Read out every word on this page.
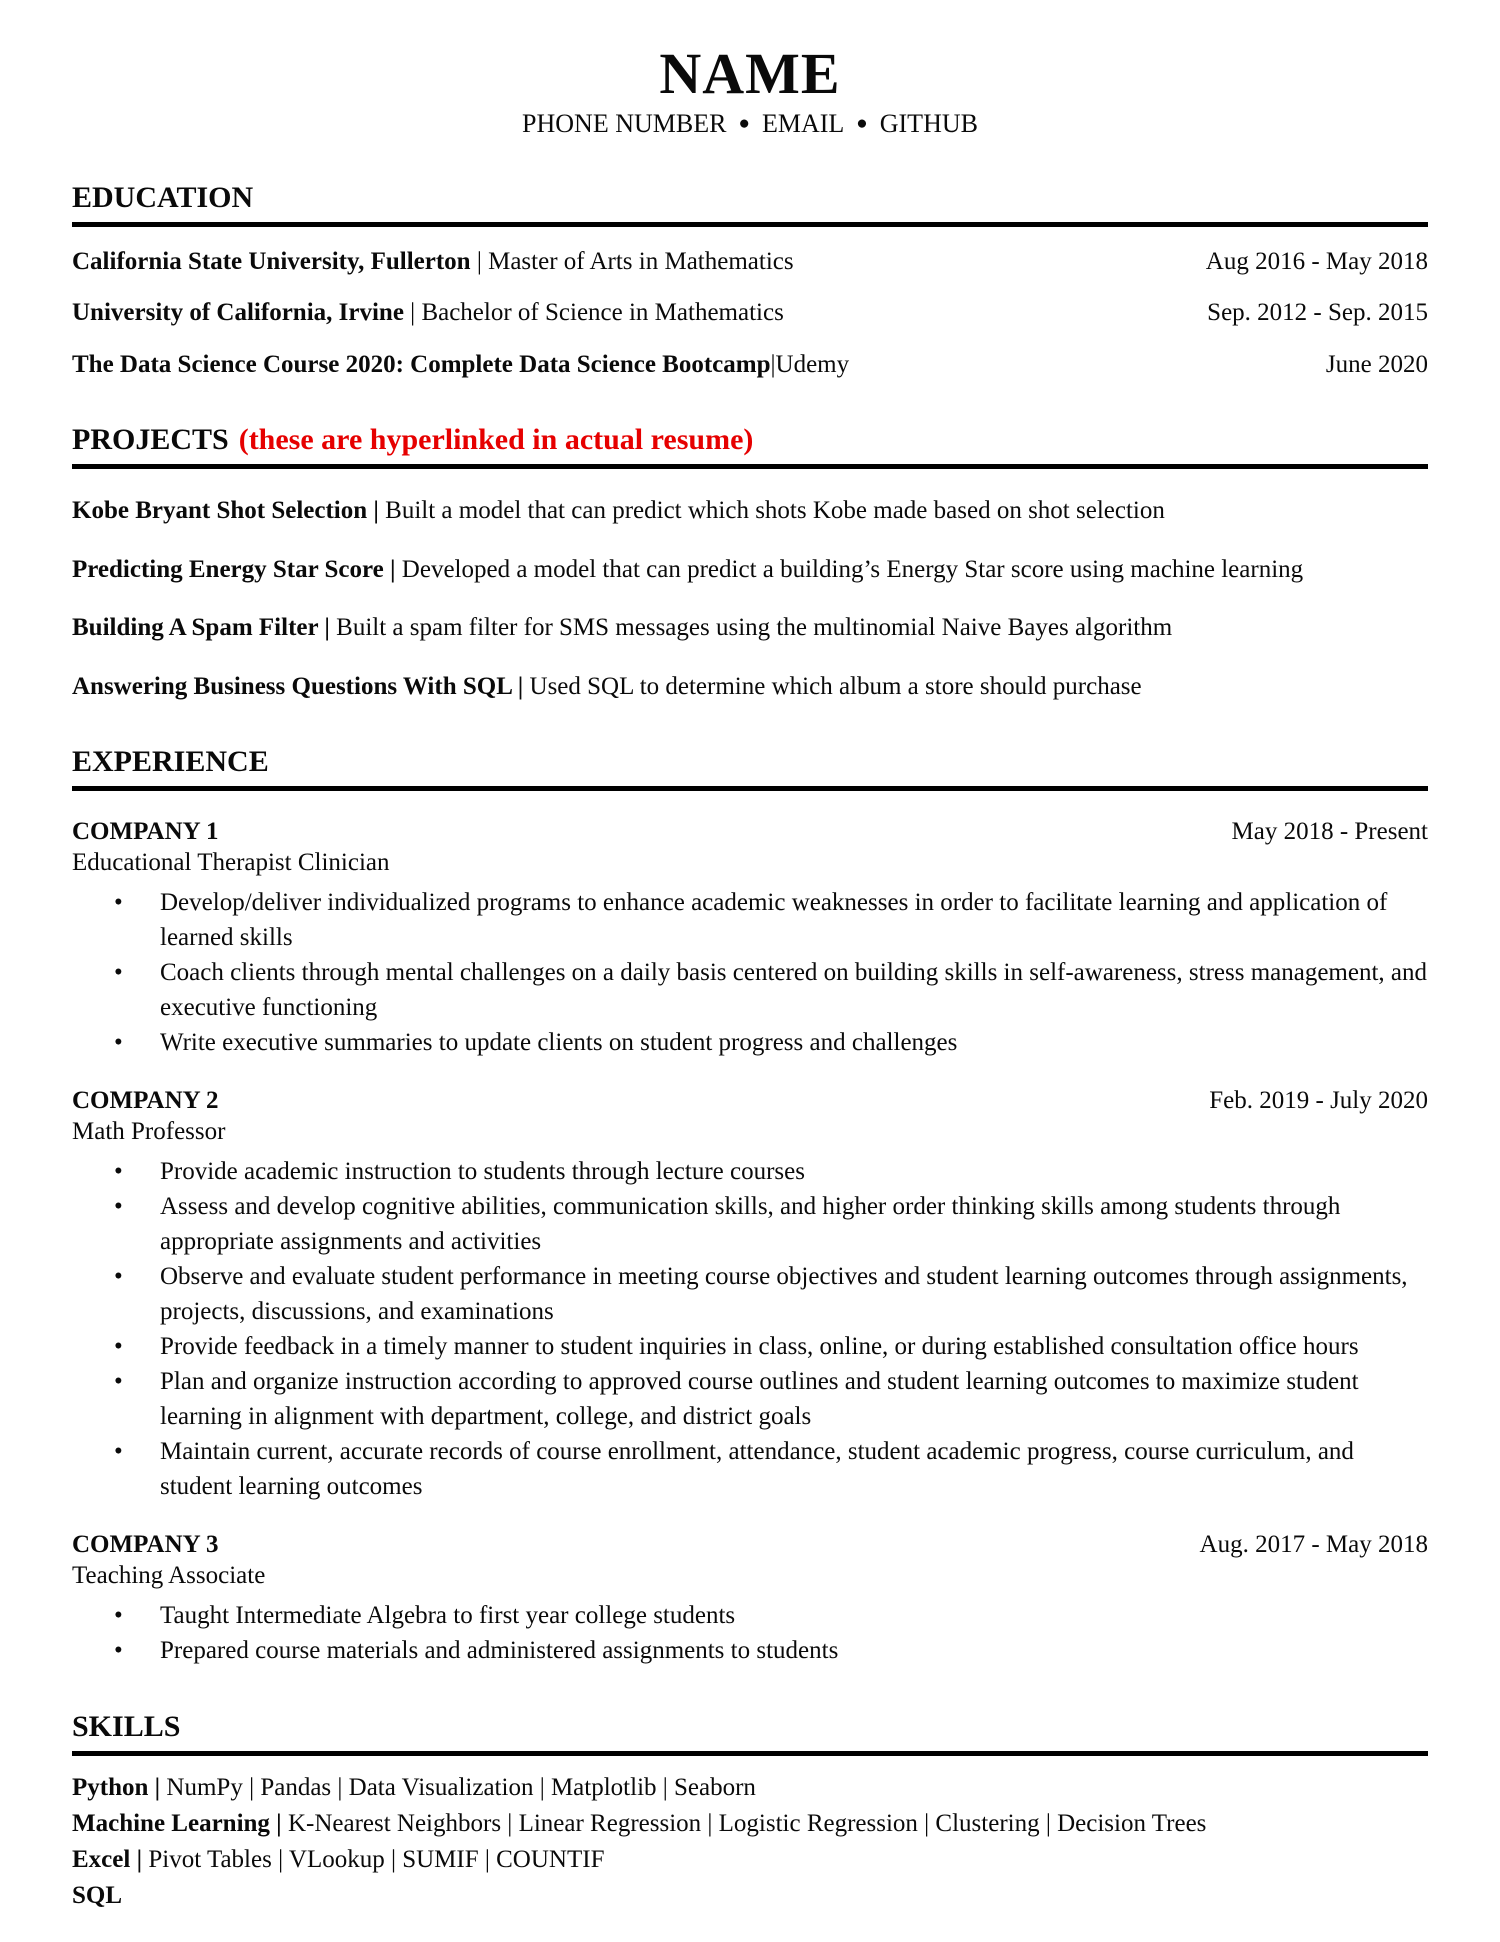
NAME
PHONE NUMBER ● EMAIL ● GITHUB
EDUCATION
California State University, Fullerton | Master of Arts in Mathematics	Aug 2016 - May 2018
University of California, Irvine | Bachelor of Science in Mathematics	Sep. 2012 - Sep. 2015
The Data Science Course 2020: Complete Data Science Bootcamp|Udemy	June 2020
PROJECTS (these are hyperlinked in actual resume)
Kobe Bryant Shot Selection | Built a model that can predict which shots Kobe made based on shot selection
Predicting Energy Star Score | Developed a model that can predict a building’s Energy Star score using machine learning
Building A Spam Filter | Built a spam filter for SMS messages using the multinomial Naive Bayes algorithm
Answering Business Questions With SQL | Used SQL to determine which album a store should purchase
EXPERIENCE
COMPANY 1	May 2018 - Present
Educational Therapist Clinician
•	Develop/deliver individualized programs to enhance academic weaknesses in order to facilitate learning and application of learned skills
•	Coach clients through mental challenges on a daily basis centered on building skills in self-awareness, stress management, and executive functioning
•	Write executive summaries to update clients on student progress and challenges
COMPANY 2	Feb. 2019 - July 2020
Math Professor
•	Provide academic instruction to students through lecture courses
•	Assess and develop cognitive abilities, communication skills, and higher order thinking skills among students through appropriate assignments and activities
•	Observe and evaluate student performance in meeting course objectives and student learning outcomes through assignments, projects, discussions, and examinations
•	Provide feedback in a timely manner to student inquiries in class, online, or during established consultation office hours
•	Plan and organize instruction according to approved course outlines and student learning outcomes to maximize student learning in alignment with department, college, and district goals
•	Maintain current, accurate records of course enrollment, attendance, student academic progress, course curriculum, and student learning outcomes
COMPANY 3	Aug. 2017 - May 2018
Teaching Associate
•	Taught Intermediate Algebra to first year college students
•	Prepared course materials and administered assignments to students
SKILLS
Python | NumPy | Pandas | Data Visualization | Matplotlib | Seaborn
Machine Learning | K-Nearest Neighbors | Linear Regression | Logistic Regression | Clustering | Decision Trees
Excel | Pivot Tables | VLookup | SUMIF | COUNTIF
SQL
